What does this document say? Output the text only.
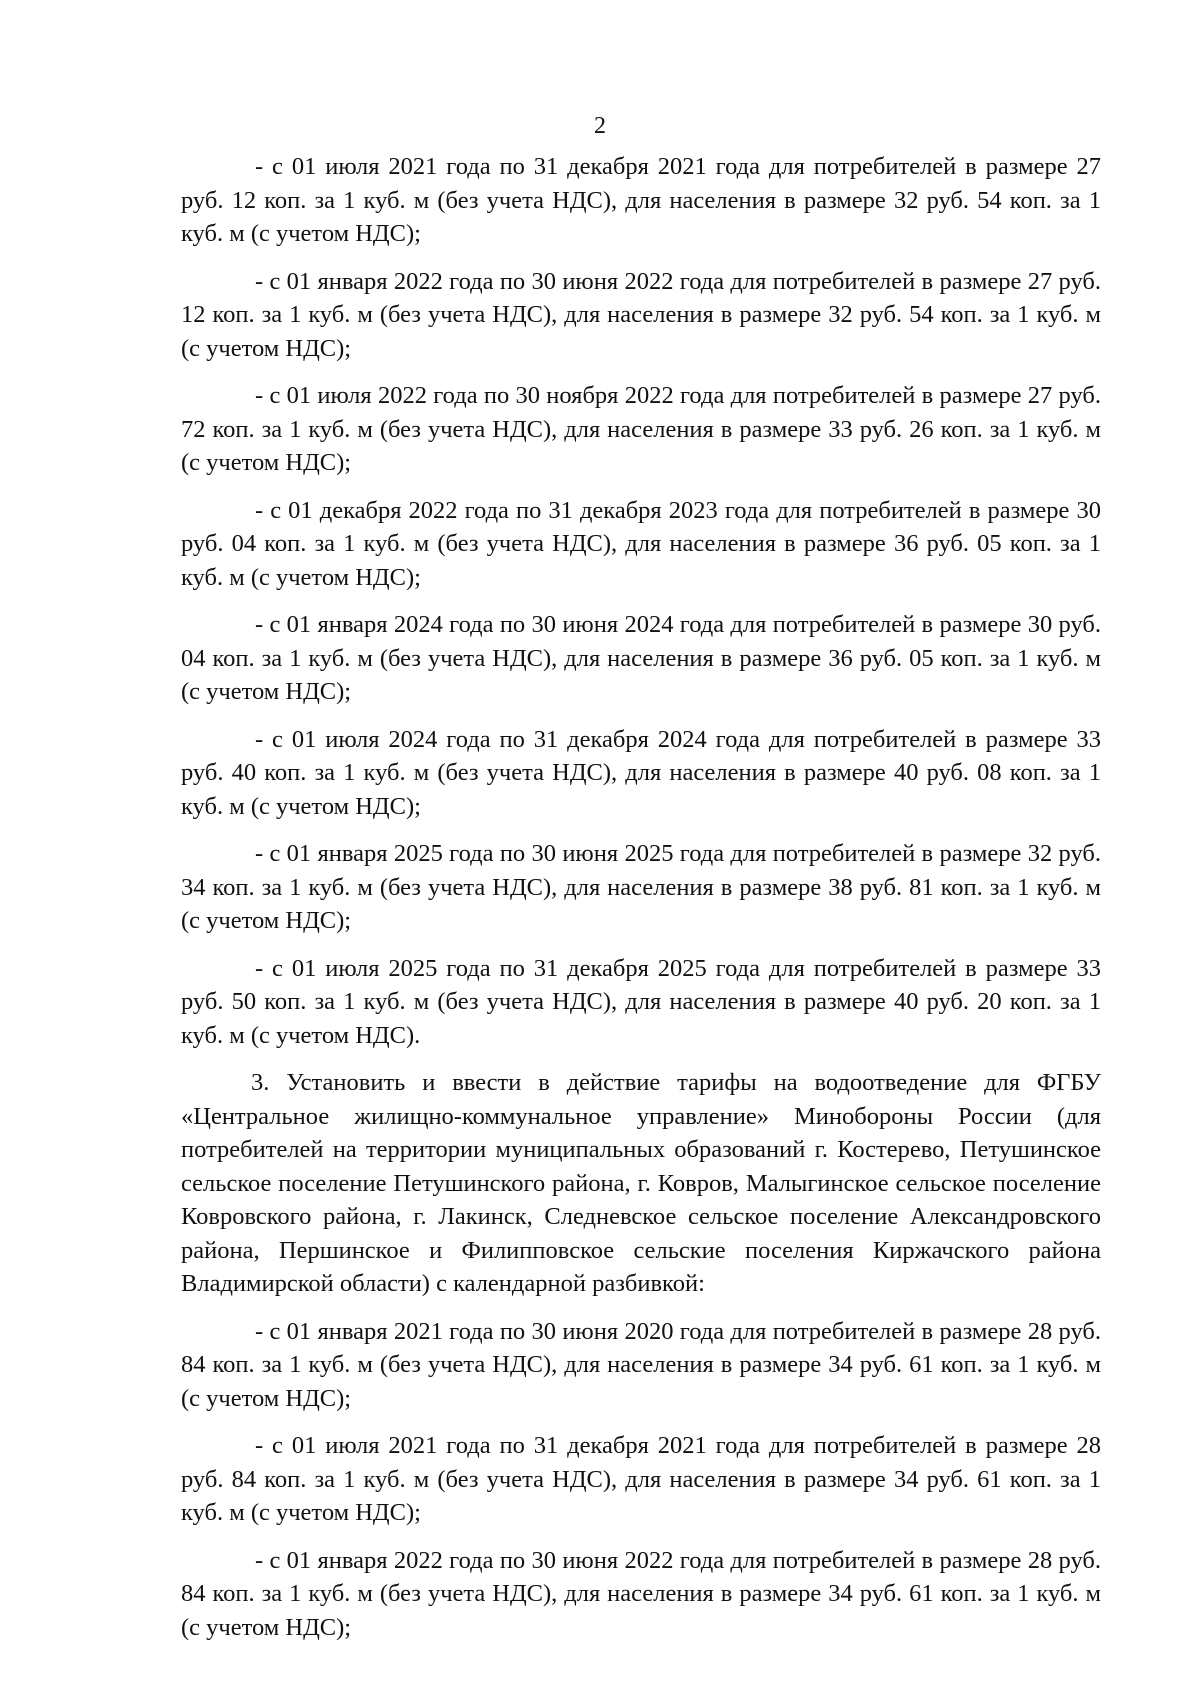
2

- с 01 июля 2021 года по 31 декабря 2021 года для потребителей в размере 27 руб. 12 коп. за 1 куб. м (без учета НДС), для населения в размере 32 руб. 54 коп. за 1 куб. м (с учетом НДС);

- с 01 января 2022 года по 30 июня 2022 года для потребителей в размере 27 руб. 12 коп. за 1 куб. м (без учета НДС), для населения в размере 32 руб. 54 коп. за 1 куб. м (с учетом НДС);

- с 01 июля 2022 года по 30 ноября 2022 года для потребителей в размере 27 руб. 72 коп. за 1 куб. м (без учета НДС), для населения в размере 33 руб. 26 коп. за 1 куб. м (с учетом НДС);

- с 01 декабря 2022 года по 31 декабря 2023 года для потребителей в размере 30 руб. 04 коп. за 1 куб. м (без учета НДС), для населения в размере 36 руб. 05 коп. за 1 куб. м (с учетом НДС);

- с 01 января 2024 года по 30 июня 2024 года для потребителей в размере 30 руб. 04 коп. за 1 куб. м (без учета НДС), для населения в размере 36 руб. 05 коп. за 1 куб. м (с учетом НДС);

- с 01 июля 2024 года по 31 декабря 2024 года для потребителей в размере 33 руб. 40 коп. за 1 куб. м (без учета НДС), для населения в размере 40 руб. 08 коп. за 1 куб. м (с учетом НДС);

- с 01 января 2025 года по 30 июня 2025 года для потребителей в размере 32 руб. 34 коп. за 1 куб. м (без учета НДС), для населения в размере 38 руб. 81 коп. за 1 куб. м (с учетом НДС);

- с 01 июля 2025 года по 31 декабря 2025 года для потребителей в размере 33 руб. 50 коп. за 1 куб. м (без учета НДС), для населения в размере 40 руб. 20 коп. за 1 куб. м (с учетом НДС).

3. Установить и ввести в действие тарифы на водоотведение для ФГБУ «Центральное жилищно-коммунальное управление» Минобороны России (для потребителей на территории муниципальных образований г. Костерево, Петушинское сельское поселение Петушинского района, г. Ковров, Малыгинское сельское поселение Ковровского района, г. Лакинск, Следневское сельское поселение Александровского района, Першинское и Филипповское сельские поселения Киржачского района Владимирской области) с календарной разбивкой:

- с 01 января 2021 года по 30 июня 2020 года для потребителей в размере 28 руб. 84 коп. за 1 куб. м (без учета НДС), для населения в размере 34 руб. 61 коп. за 1 куб. м (с учетом НДС);

- с 01 июля 2021 года по 31 декабря 2021 года для потребителей в размере 28 руб. 84 коп. за 1 куб. м (без учета НДС), для населения в размере 34 руб. 61 коп. за 1 куб. м (с учетом НДС);

- с 01 января 2022 года по 30 июня 2022 года для потребителей в размере 28 руб. 84 коп. за 1 куб. м (без учета НДС), для населения в размере 34 руб. 61 коп. за 1 куб. м (с учетом НДС);
